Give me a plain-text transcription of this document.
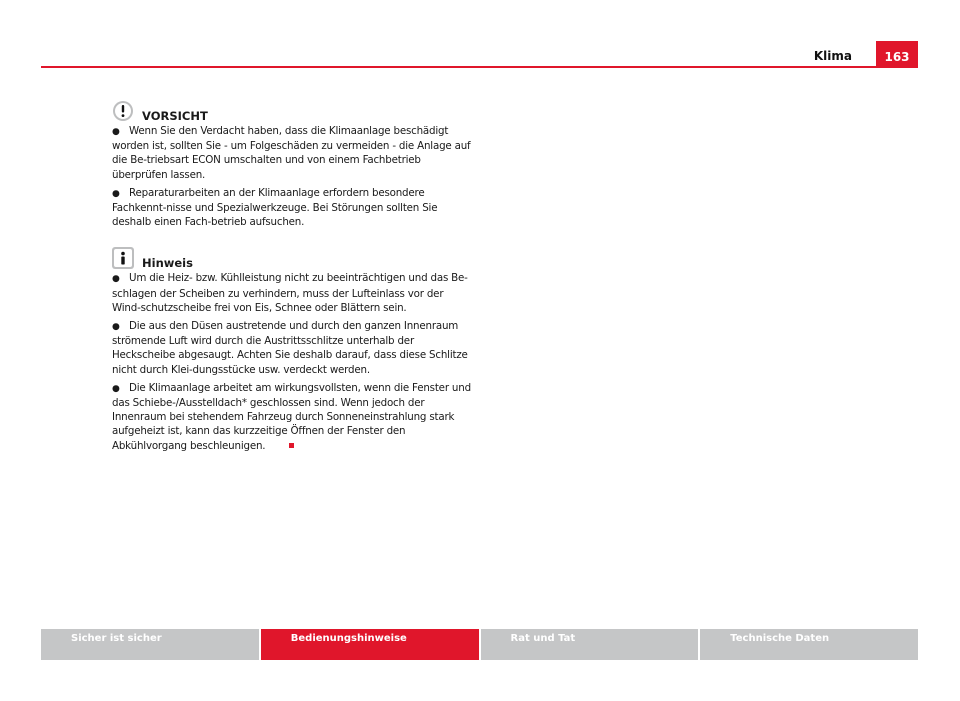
Klima	163
VORSICHT

● Wenn Sie den Verdacht haben, dass die Klimaanlage beschädigt worden ist, sollten Sie - um Folgeschäden zu vermeiden - die Anlage auf die Be-triebsart ECON umschalten und von einem Fachbetrieb überprüfen lassen.

● Reparaturarbeiten an der Klimaanlage erfordern besondere Fachkennt-nisse und Spezialwerkzeuge. Bei Störungen sollten Sie deshalb einen Fach-betrieb aufsuchen.

Hinweis

● Um die Heiz- bzw. Kühlleistung nicht zu beeinträchtigen und das Be-schlagen der Scheiben zu verhindern, muss der Lufteinlass vor der Wind-schutzscheibe frei von Eis, Schnee oder Blättern sein.

● Die aus den Düsen austretende und durch den ganzen Innenraum strömende Luft wird durch die Austrittsschlitze unterhalb der Heckscheibe abgesaugt. Achten Sie deshalb darauf, dass diese Schlitze nicht durch Klei-dungsstücke usw. verdeckt werden.

● Die Klimaanlage arbeitet am wirkungsvollsten, wenn die Fenster und das Schiebe-/Ausstelldach* geschlossen sind. Wenn jedoch der Innenraum bei stehendem Fahrzeug durch Sonneneinstrahlung stark aufgeheizt ist, kann das kurzzeitige Öffnen der Fenster den Abkühlvorgang beschleunigen.

Sicher ist sicher	Bedienungshinweise	Rat und Tat	Technische Daten
